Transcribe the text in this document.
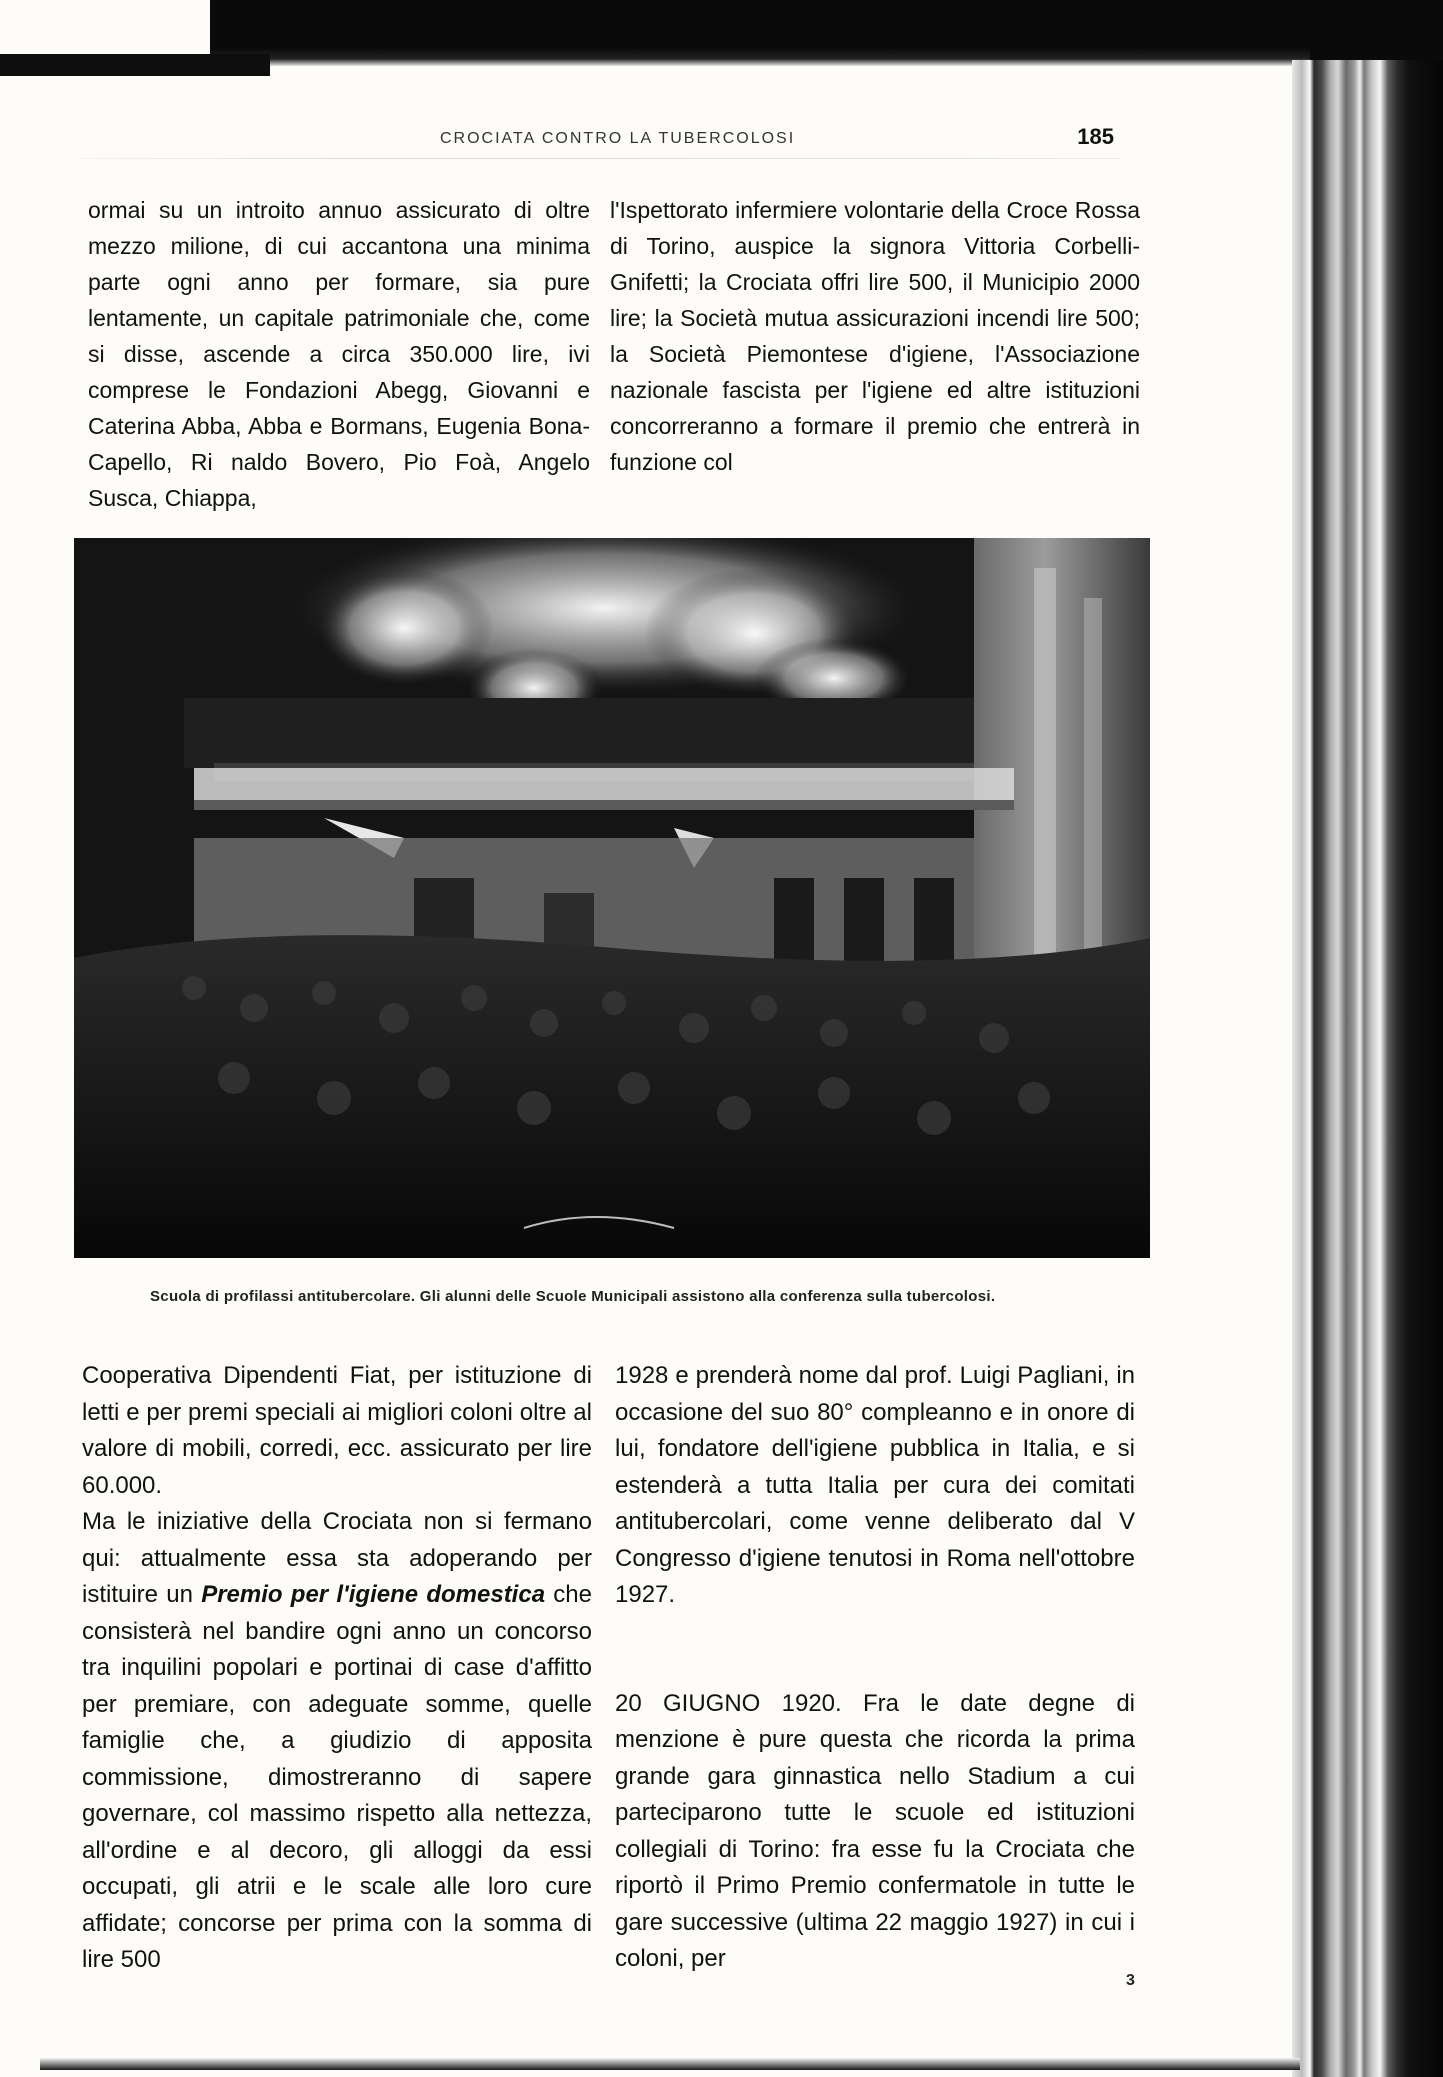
CROCIATA CONTRO LA TUBERCOLOSI	185

ormai su un introito annuo assicurato di oltre mezzo milione, di cui accantona una minima parte ogni anno per formare, sia pure lentamente, un capitale patrimoniale che, come si disse, ascende a circa 350.000 lire, ivi comprese le Fondazioni Abegg, Giovanni e Caterina Abba, Abba e Bormans, Eugenia Bona-Capello, Ri naldo Bovero, Pio Foà, Angelo Susca, Chiappa,

l'Ispettorato infermiere volontarie della Croce Rossa di Torino, auspice la signora Vittoria Corbelli-Gnifetti; la Crociata offri lire 500, il Municipio 2000 lire; la Società mutua assicurazioni incendi lire 500; la Società Piemontese d'igiene, l'Associazione nazionale fascista per l'igiene ed altre istituzioni concorreranno a formare il premio che entrerà in funzione col

Scuola di profilassi antitubercolare. Gli alunni delle Scuole Municipali assistono alla conferenza sulla tubercolosi.

Cooperativa Dipendenti Fiat, per istituzione di letti e per premi speciali ai migliori coloni oltre al valore di mobili, corredi, ecc. assicurato per lire 60.000.

Ma le iniziative della Crociata non si fermano qui: attualmente essa sta adoperando per istituire un Premio per l'igiene domestica che consisterà nel bandire ogni anno un concorso tra inquilini popolari e portinai di case d'affitto per premiare, con adeguate somme, quelle famiglie che, a giudizio di apposita commissione, dimostreranno di sapere governare, col massimo rispetto alla nettezza, all'ordine e al decoro, gli alloggi da essi occupati, gli atrii e le scale alle loro cure affidate; concorse per prima con la somma di lire 500

1928 e prenderà nome dal prof. Luigi Pagliani, in occasione del suo 80° compleanno e in onore di lui, fondatore dell'igiene pubblica in Italia, e si estenderà a tutta Italia per cura dei comitati antitubercolari, come venne deliberato dal V Congresso d'igiene tenutosi in Roma nell'ottobre 1927.

20 GIUGNO 1920. Fra le date degne di menzione è pure questa che ricorda la prima grande gara ginnastica nello Stadium a cui parteciparono tutte le scuole ed istituzioni collegiali di Torino: fra esse fu la Crociata che riportò il Primo Premio confermatole in tutte le gare successive (ultima 22 maggio 1927) in cui i coloni, per

3
